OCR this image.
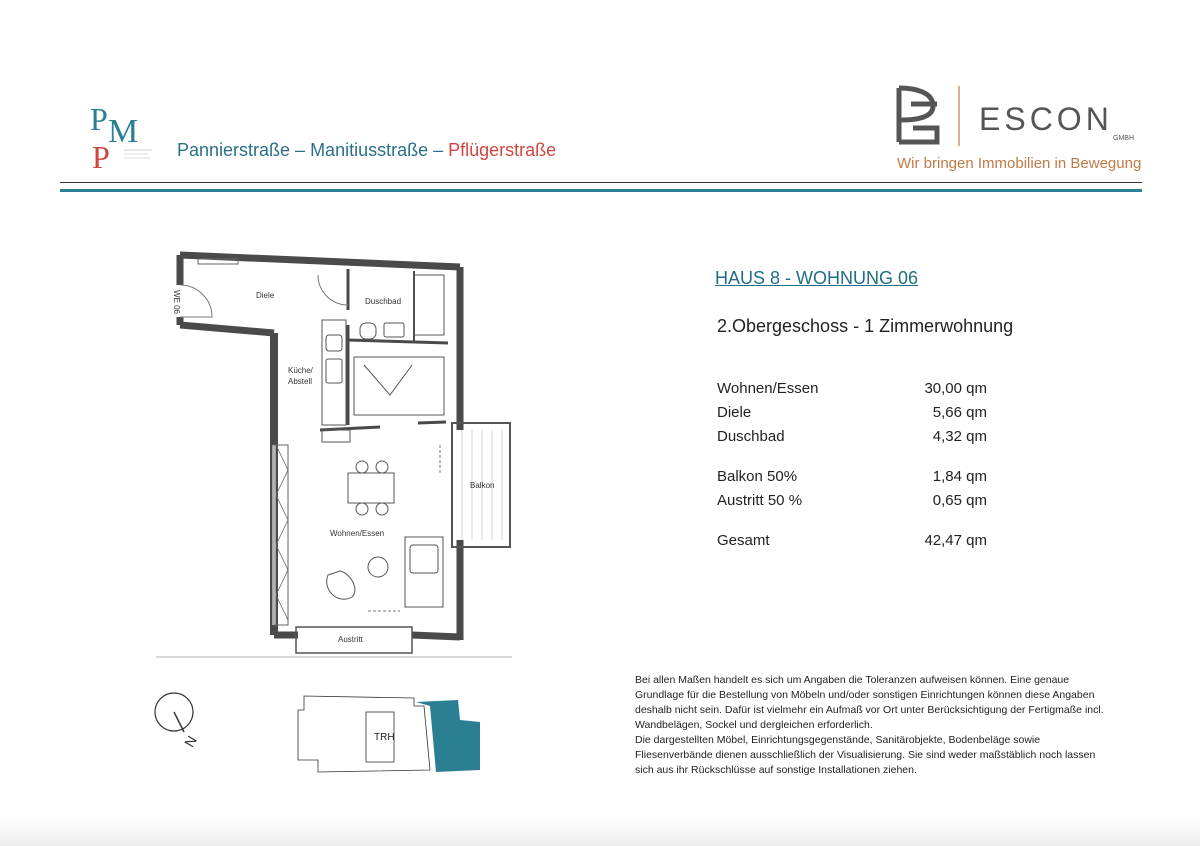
P M
P	Pannierstraße – Manitiusstraße – Pflügerstraße
ESCON
GMBH
Wir bringen Immobilien in Bewegung
WE 06	Diele
Duschbad
Küche/
Abstell
Balkon
Wohnen/Essen
Austritt
HAUS 8 - WOHNUNG 06
2.Obergeschoss - 1 Zimmerwohnung
Wohnen/Essen	30,00 qm
Diele	5,66 qm
Duschbad	4,32 qm
Balkon 50%	1,84 qm
Austritt 50 %	0,65 qm
Gesamt	42,47 qm

Bei allen Maßen handelt es sich um Angaben die Toleranzen aufweisen können. Eine genaue Grundlage für die Bestellung von Möbeln und/oder sonstigen Einrichtungen können diese Angaben deshalb nicht sein. Dafür ist vielmehr ein Aufmaß vor Ort unter Berücksichtigung der Fertigmaße incl. Wandbelägen, Sockel und dergleichen erforderlich.

Die dargestellten Möbel, Einrichtungsgegenstände, Sanitärobjekte, Bodenbeläge sowie Fliesenverbände dienen ausschließlich der Visualisierung. Sie sind weder maßstäblich noch lassen sich aus ihr Rückschlüsse auf sonstige Installationen ziehen.

N	TRH
